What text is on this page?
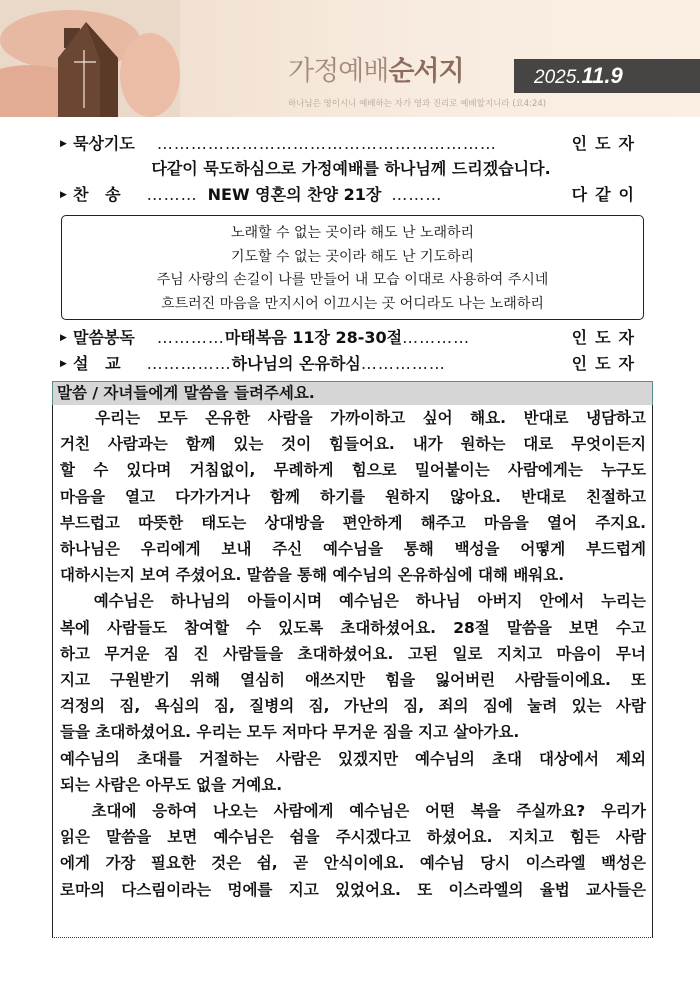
가정예배순서지	2025.11.9
하나님은 영이시니 예배하는 자가 영과 진리로 예배할지니라 (요4:24)
▶ 묵상기도 ……………………………………………………	인도자
다같이 묵도하심으로 가정예배를 하나님께 드리겠습니다.
▶ 찬   송 ……… NEW 영혼의 찬양 21장 ………	다같이
노래할 수 없는 곳이라 해도 난 노래하리
기도할 수 없는 곳이라 해도 난 기도하리
주님 사랑의 손길이 나를 만들어 내 모습 이대로 사용하여 주시네
흐트러진 마음을 만지시어 이끄시는 곳 어디라도 나는 노래하리
▶ 말씀봉독 ………… 마태복음 11장 28-30절 …………	인도자
▶ 설   교 …………… 하나님의 온유하심 ……………	인도자
말씀 / 자녀들에게 말씀을 들려주세요.

우리는 모두 온유한 사람을 가까이하고 싶어 해요. 반대로 냉담하고

거친 사람과는 함께 있는 것이 힘들어요. 내가 원하는 대로 무엇이든지

할 수 있다며 거침없이, 무례하게 힘으로 밀어붙이는 사람에게는 누구도

마음을 열고 다가가거나 함께 하기를 원하지 않아요. 반대로 친절하고

부드럽고 따뜻한 태도는 상대방을 편안하게 해주고 마음을 열어 주지요.

하나님은 우리에게 보내 주신 예수님을 통해 백성을 어떻게 부드럽게

대하시는지 보여 주셨어요. 말씀을 통해 예수님의 온유하심에 대해 배워요.

예수님은 하나님의 아들이시며 예수님은 하나님 아버지 안에서 누리는

복에 사람들도 참여할 수 있도록 초대하셨어요. 28절 말씀을 보면 수고

하고 무거운 짐 진 사람들을 초대하셨어요. 고된 일로 지치고 마음이 무너

지고 구원받기 위해 열심히 애쓰지만 힘을 잃어버린 사람들이에요. 또

걱정의 짐, 욕심의 짐, 질병의 짐, 가난의 짐, 죄의 짐에 눌려 있는 사람

들을 초대하셨어요. 우리는 모두 저마다 무거운 짐을 지고 살아가요.

예수님의 초대를 거절하는 사람은 있겠지만 예수님의 초대 대상에서 제외

되는 사람은 아무도 없을 거예요.

초대에 응하여 나오는 사람에게 예수님은 어떤 복을 주실까요? 우리가

읽은 말씀을 보면 예수님은 쉼을 주시겠다고 하셨어요. 지치고 힘든 사람

에게 가장 필요한 것은 쉼, 곧 안식이에요. 예수님 당시 이스라엘 백성은

로마의 다스림이라는 멍에를 지고 있었어요. 또 이스라엘의 율법 교사들은
